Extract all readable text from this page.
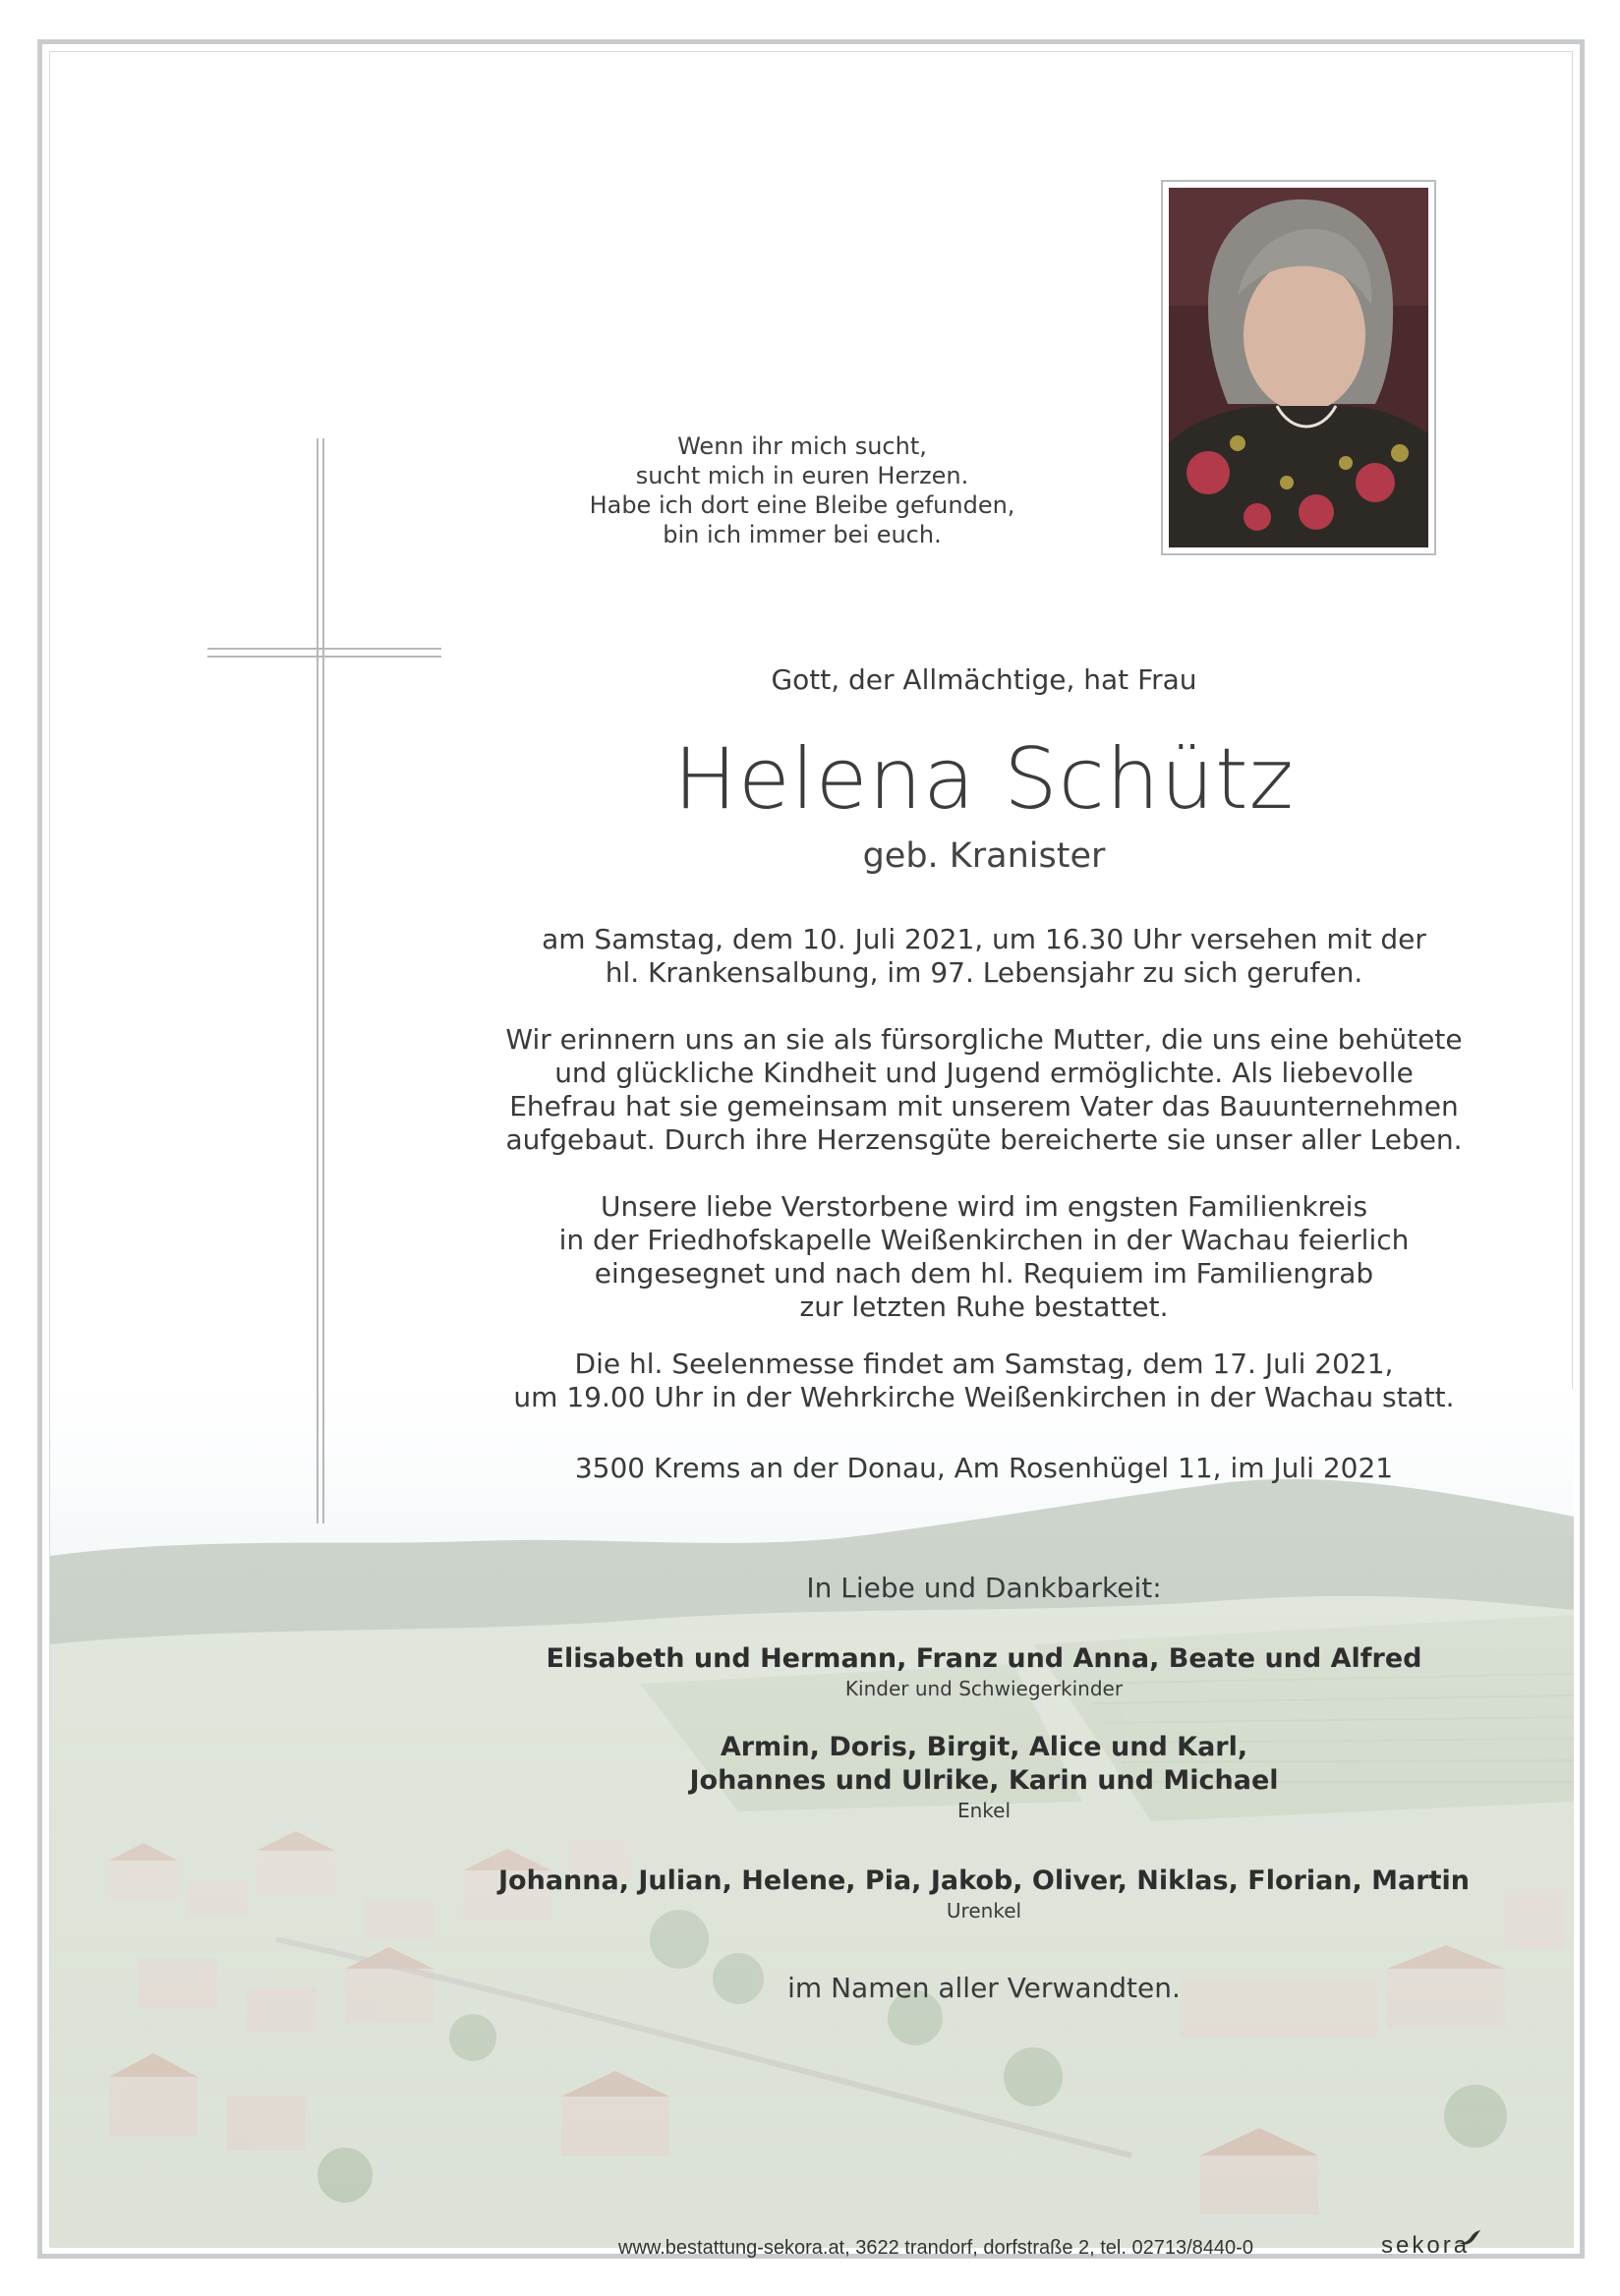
Wenn ihr mich sucht,
sucht mich in euren Herzen.
Habe ich dort eine Bleibe gefunden,
bin ich immer bei euch.
Gott, der Allmächtige, hat Frau
Helena Schütz
geb. Kranister
am Samstag, dem 10. Juli 2021, um 16.30 Uhr versehen mit der
hl. Krankensalbung, im 97. Lebensjahr zu sich gerufen.
Wir erinnern uns an sie als fürsorgliche Mutter, die uns eine behütete
und glückliche Kindheit und Jugend ermöglichte. Als liebevolle
Ehefrau hat sie gemeinsam mit unserem Vater das Bauunternehmen
aufgebaut. Durch ihre Herzensgüte bereicherte sie unser aller Leben.
Unsere liebe Verstorbene wird im engsten Familienkreis
in der Friedhofskapelle Weißenkirchen in der Wachau feierlich
eingesegnet und nach dem hl. Requiem im Familiengrab
zur letzten Ruhe bestattet.
Die hl. Seelenmesse findet am Samstag, dem 17. Juli 2021,
um 19.00 Uhr in der Wehrkirche Weißenkirchen in der Wachau statt.
3500 Krems an der Donau, Am Rosenhügel 11, im Juli 2021
In Liebe und Dankbarkeit:
Elisabeth und Hermann, Franz und Anna, Beate und Alfred
Kinder und Schwiegerkinder
Armin, Doris, Birgit, Alice und Karl,
Johannes und Ulrike, Karin und Michael
Enkel
Johanna, Julian, Helene, Pia, Jakob, Oliver, Niklas, Florian, Martin
Urenkel
im Namen aller Verwandten.
www.bestattung-sekora.at, 3622 trandorf, dorfstraße 2, tel. 02713/8440-0	sekora
